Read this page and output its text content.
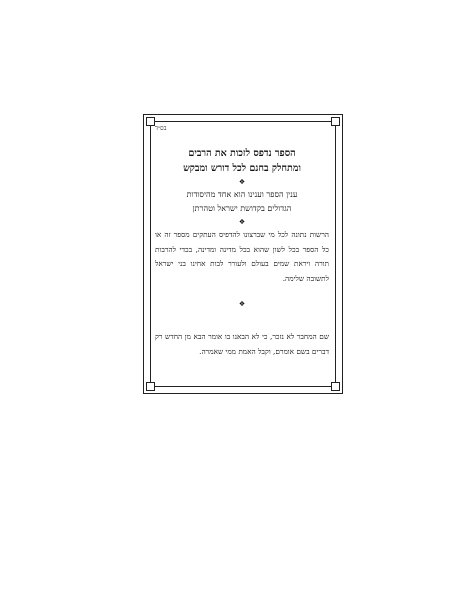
בס״ד
הספר נדפס לזכות את הרבים
ומתחלק בחנם לכל דורש ומבקש
❖
ענין הספר וענינו הוא אחד מהיסודות
הגדולים בקדושת ישראל וטהרתן
❖
הרשות נתונה לכל מי שברצונו להדפיס העתקים מספר זה או כל הספר בכל לשון שהוא בכל מדינה ומדינה, בכדי להרבות תורה ויראת שמים בעולם ולעורר לבות אחינו בני ישראל לתשובה שלימה.
❖
שם המחבר לא נזכר, כי לא הבאנו בו אומר הבא מן החדש רק דברים בשם אומרם, וקבל האמת ממי שאמרה.
